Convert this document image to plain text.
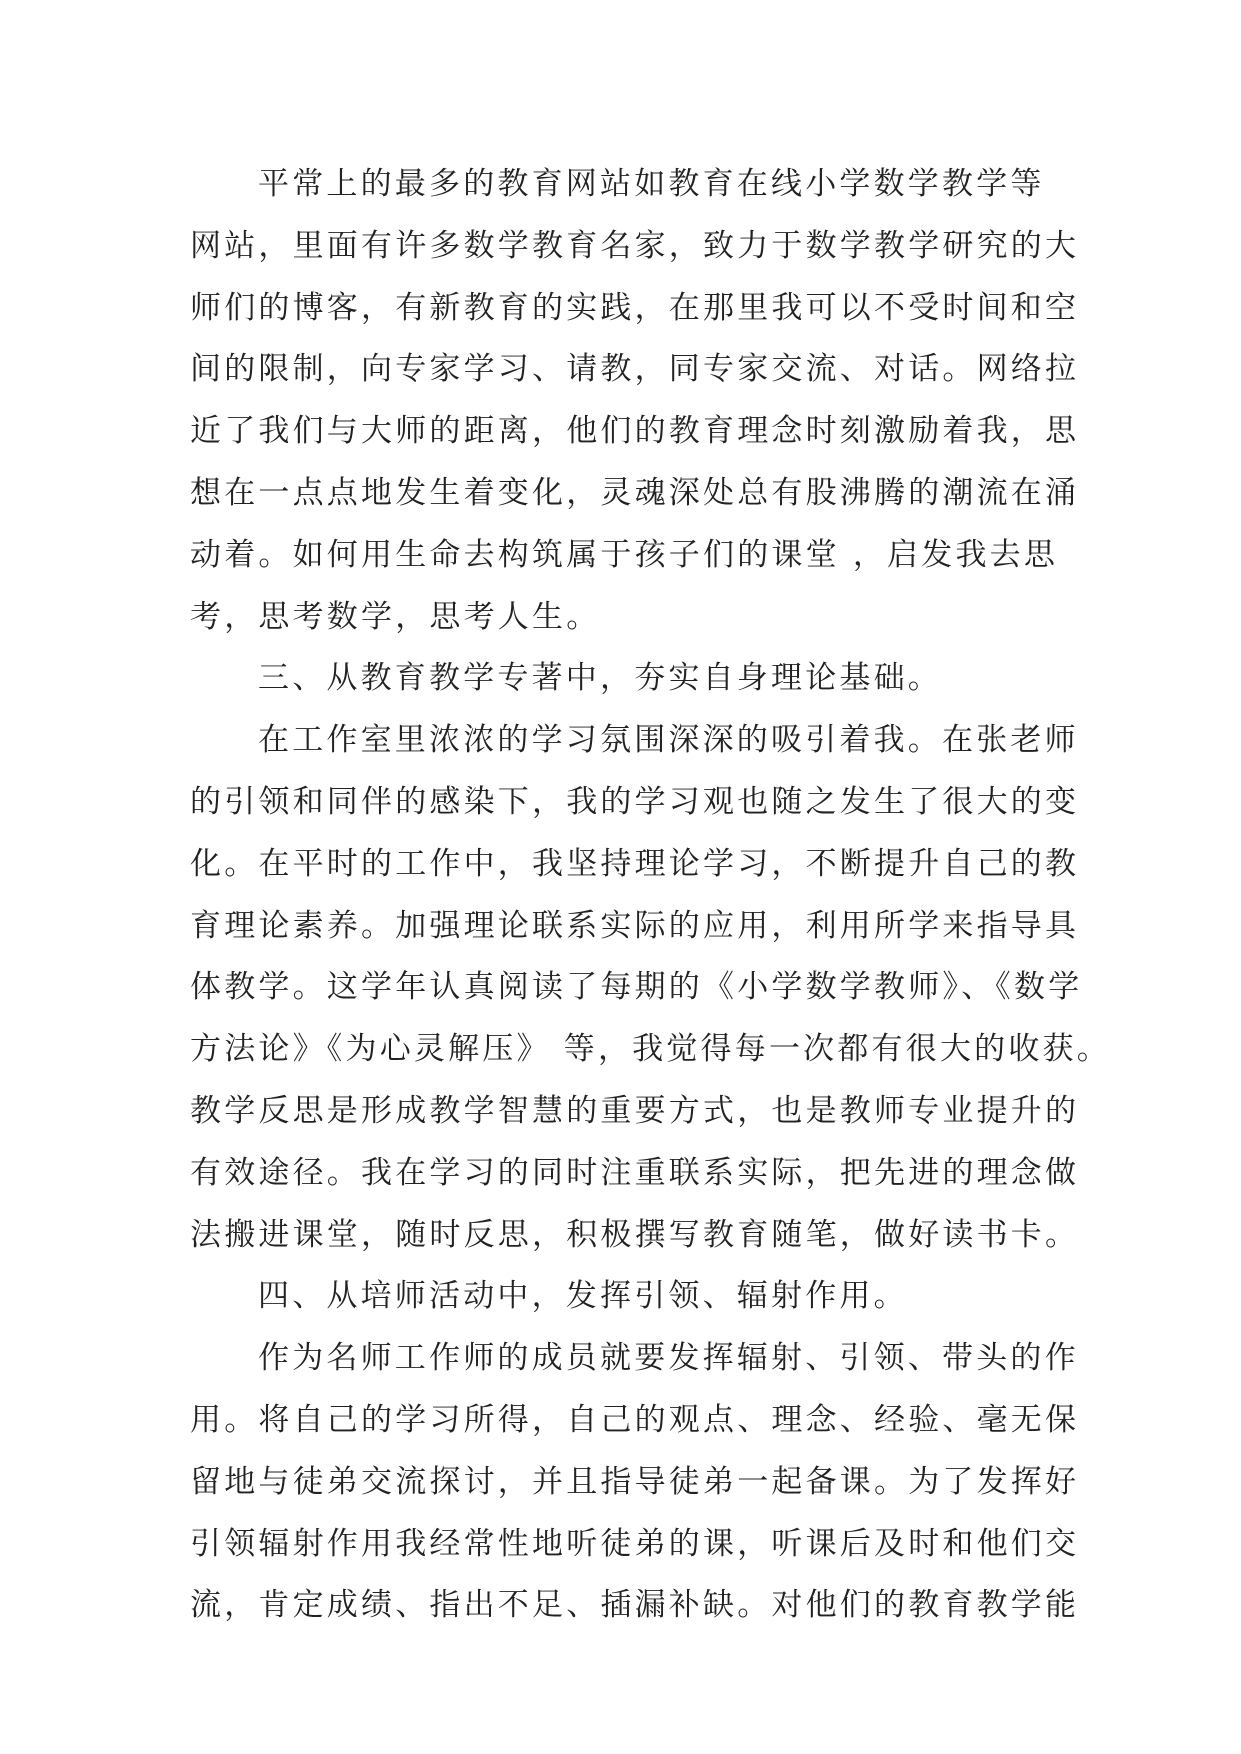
平常上的最多的教育网站如教育在线小学数学教学等
网站，里面有许多数学教育名家，致力于数学教学研究的大
师们的博客，有新教育的实践，在那里我可以不受时间和空
间的限制，向专家学习、请教，同专家交流、对话。网络拉
近了我们与大师的距离，他们的教育理念时刻激励着我，思
想在一点点地发生着变化，灵魂深处总有股沸腾的潮流在涌
动着。如何用生命去构筑属于孩子们的课堂 ，启发我去思
考，思考数学，思考人生。
三、从教育教学专著中，夯实自身理论基础。
在工作室里浓浓的学习氛围深深的吸引着我。在张老师
的引领和同伴的感染下，我的学习观也随之发生了很大的变
化。在平时的工作中，我坚持理论学习，不断提升自己的教
育理论素养。加强理论联系实际的应用，利用所学来指导具
体教学。这学年认真阅读了每期的《小学数学教师》、《数学
方法论》《为心灵解压》 等，我觉得每一次都有很大的收获。
教学反思是形成教学智慧的重要方式，也是教师专业提升的
有效途径。我在学习的同时注重联系实际，把先进的理念做
法搬进课堂，随时反思，积极撰写教育随笔，做好读书卡。
四、从培师活动中，发挥引领、辐射作用。
作为名师工作师的成员就要发挥辐射、引领、带头的作
用。将自己的学习所得，自己的观点、理念、经验、毫无保
留地与徒弟交流探讨，并且指导徒弟一起备课。为了发挥好
引领辐射作用我经常性地听徒弟的课，听课后及时和他们交
流，肯定成绩、指出不足、插漏补缺。对他们的教育教学能
